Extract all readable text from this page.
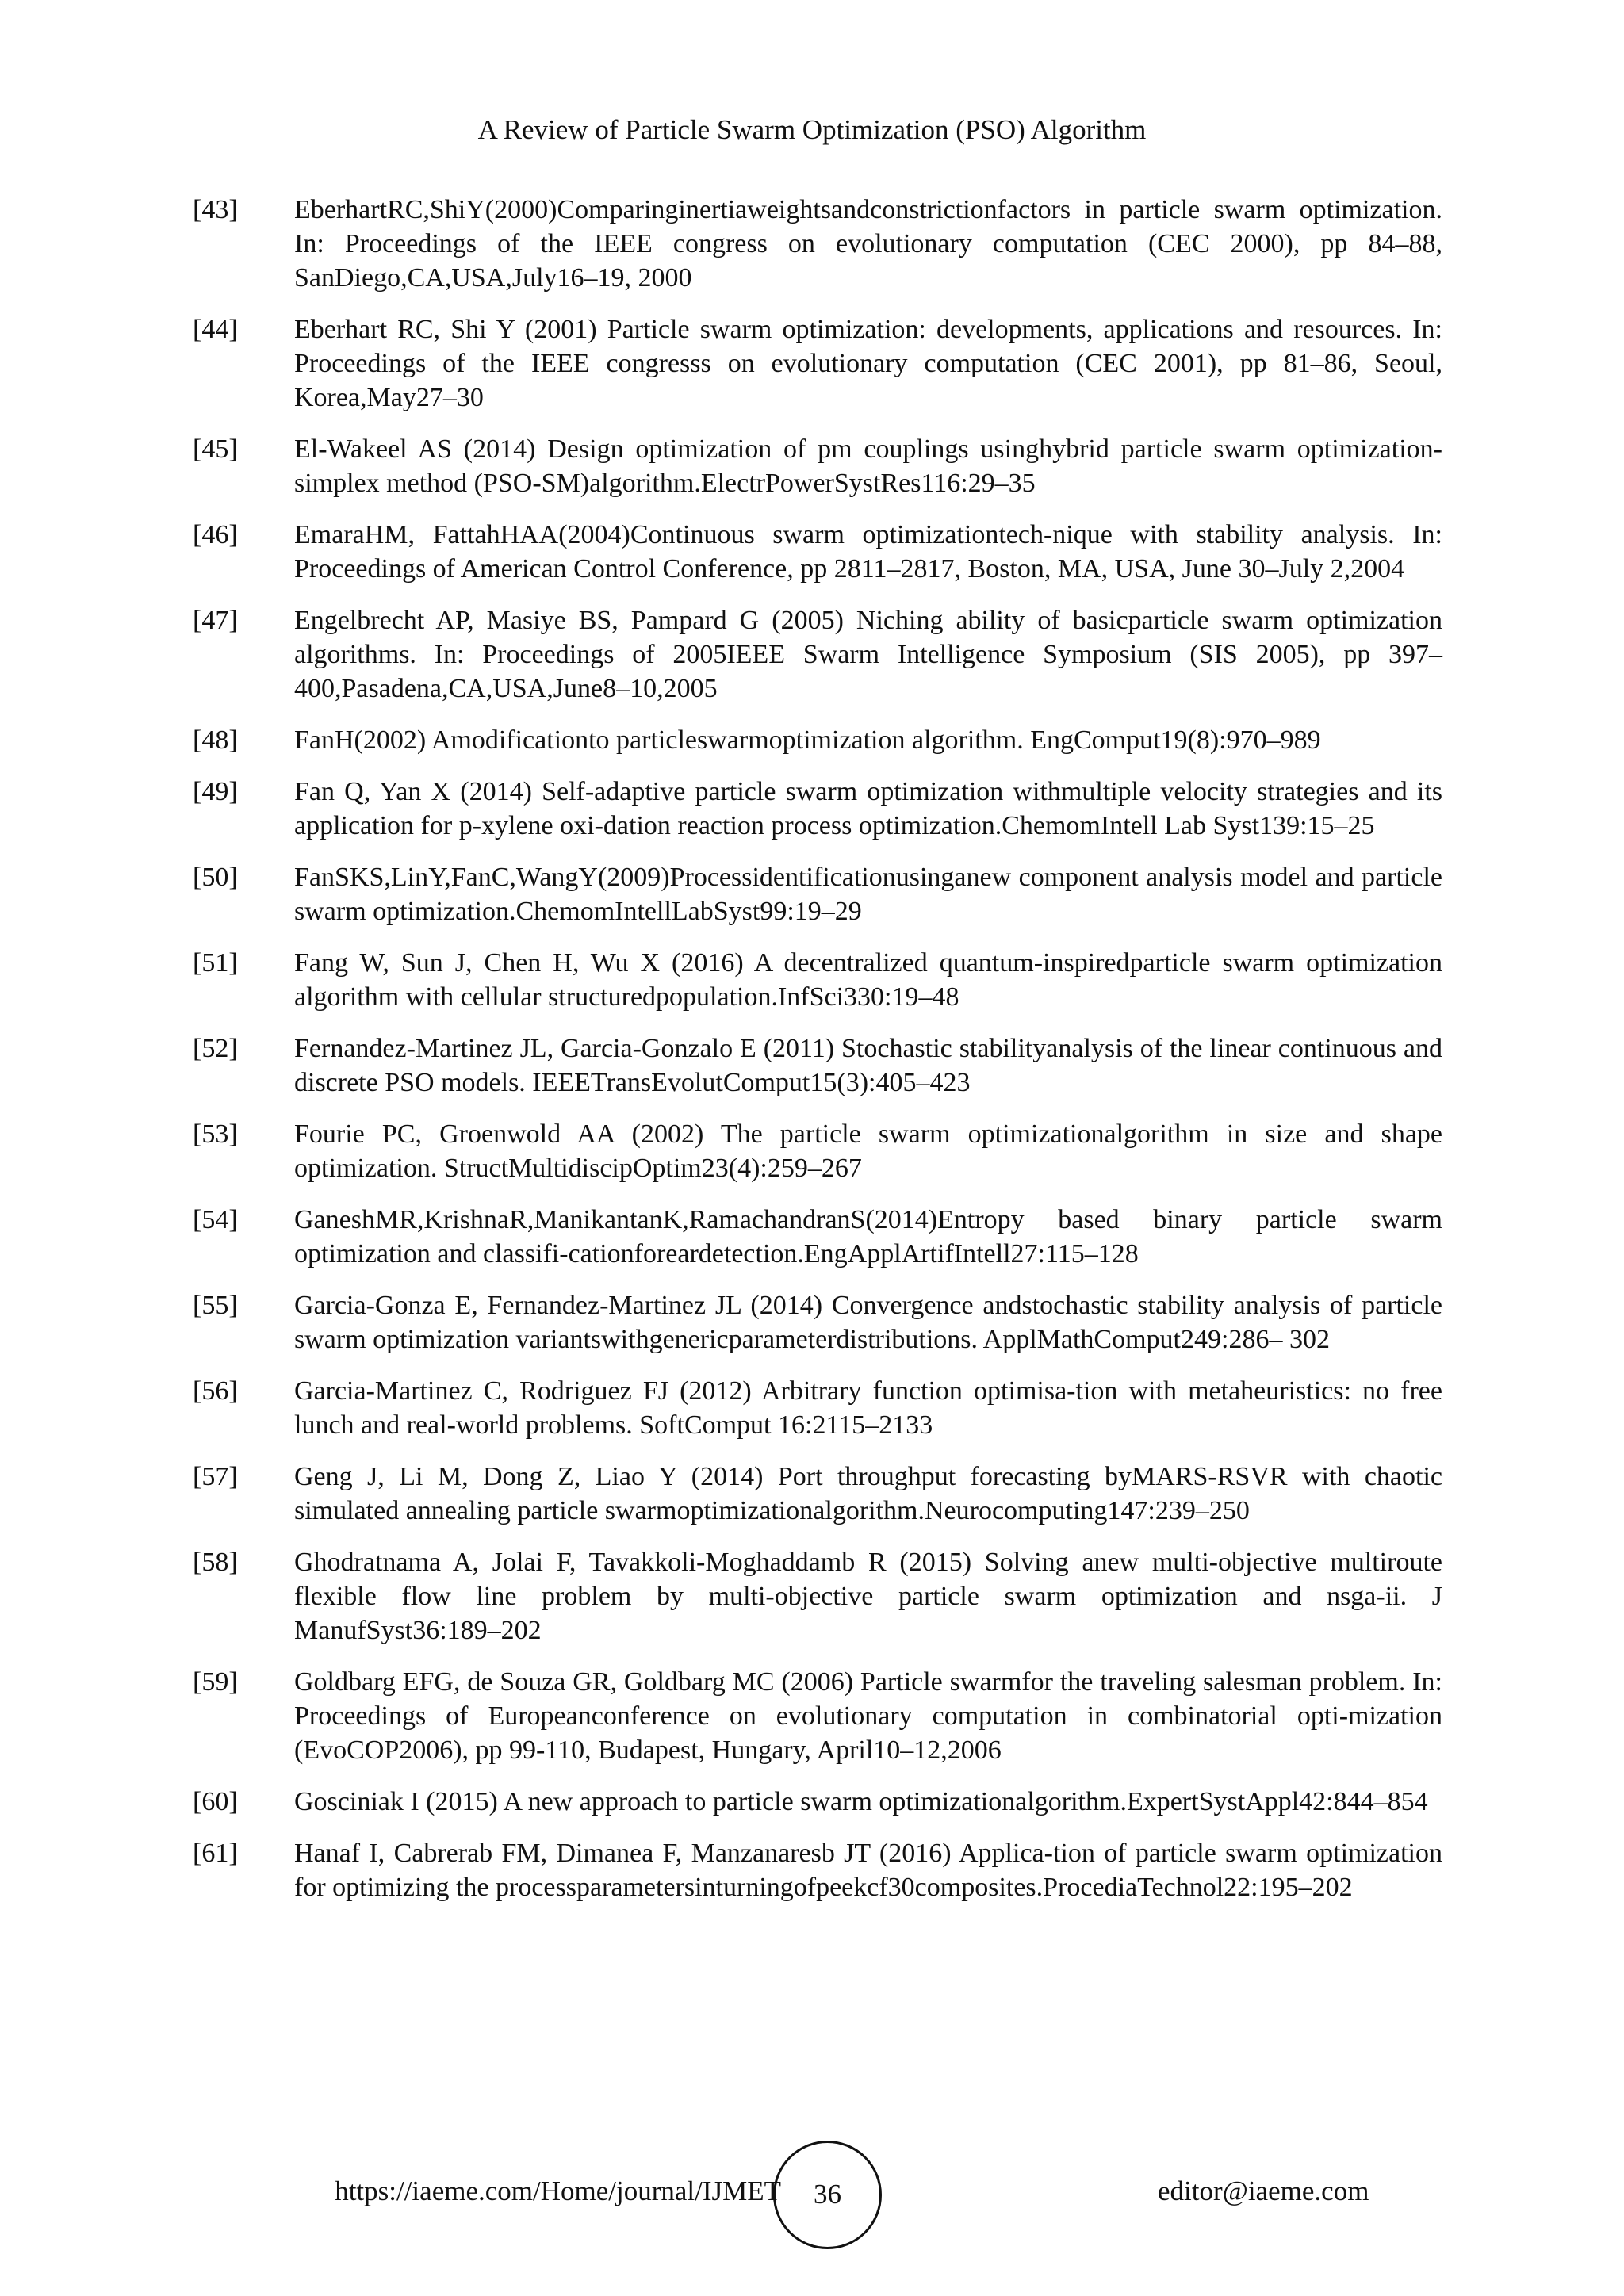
A Review of Particle Swarm Optimization (PSO) Algorithm
[43]	EberhartRC,ShiY(2000)Comparinginertiaweightsandconstrictionfactors in particle swarm optimization. In: Proceedings of the IEEE congress on evolutionary computation (CEC 2000), pp 84–88, SanDiego,CA,USA,July16–19, 2000
[44]	Eberhart RC, Shi Y (2001) Particle swarm optimization: developments, applications and resources. In: Proceedings of the IEEE congresss on evolutionary computation (CEC 2001), pp 81–86, Seoul, Korea,May27–30
[45]	El-Wakeel AS (2014) Design optimization of pm couplings usinghybrid particle swarm optimization-simplex method (PSO-SM)algorithm.ElectrPowerSystRes116:29–35
[46]	EmaraHM, FattahHAA(2004)Continuous swarm optimizationtech-nique with stability analysis. In: Proceedings of American Control Conference, pp 2811–2817, Boston, MA, USA, June 30–July 2,2004
[47]	Engelbrecht AP, Masiye BS, Pampard G (2005) Niching ability of basicparticle swarm optimization algorithms. In: Proceedings of 2005IEEE Swarm Intelligence Symposium (SIS 2005), pp 397–400,Pasadena,CA,USA,June8–10,2005
[48]	FanH(2002) Amodificationto particleswarmoptimization algorithm. EngComput19(8):970–989
[49]	Fan Q, Yan X (2014) Self-adaptive particle swarm optimization withmultiple velocity strategies and its application for p-xylene oxi-dation reaction process optimization.ChemomIntell Lab Syst139:15–25
[50]	FanSKS,LinY,FanC,WangY(2009)Processidentificationusinganew component analysis model and particle swarm optimization.ChemomIntellLabSyst99:19–29
[51]	Fang W, Sun J, Chen H, Wu X (2016) A decentralized quantum-inspiredparticle swarm optimization algorithm with cellular structuredpopulation.InfSci330:19–48
[52]	Fernandez-Martinez JL, Garcia-Gonzalo E (2011) Stochastic stabilityanalysis of the linear continuous and discrete PSO models. IEEETransEvolutComput15(3):405–423
[53]	Fourie PC, Groenwold AA (2002) The particle swarm optimizationalgorithm in size and shape optimization. StructMultidiscipOptim23(4):259–267
[54]	GaneshMR,KrishnaR,ManikantanK,RamachandranS(2014)Entropy based binary particle swarm optimization and classifi-cationforeardetection.EngApplArtifIntell27:115–128
[55]	Garcia-Gonza E, Fernandez-Martinez JL (2014) Convergence andstochastic stability analysis of particle swarm optimization variantswithgenericparameterdistributions. ApplMathComput249:286– 302
[56]	Garcia-Martinez C, Rodriguez FJ (2012) Arbitrary function optimisa-tion with metaheuristics: no free lunch and real-world problems. SoftComput 16:2115–2133
[57]	Geng J, Li M, Dong Z, Liao Y (2014) Port throughput forecasting byMARS-RSVR with chaotic simulated annealing particle swarmoptimizationalgorithm.Neurocomputing147:239–250
[58]	Ghodratnama A, Jolai F, Tavakkoli-Moghaddamb R (2015) Solving anew multi-objective multiroute flexible flow line problem by multi-objective particle swarm optimization and nsga-ii. J ManufSyst36:189–202
[59]	Goldbarg EFG, de Souza GR, Goldbarg MC (2006) Particle swarmfor the traveling salesman problem. In: Proceedings of Europeanconference on evolutionary computation in combinatorial opti-mization (EvoCOP2006), pp 99-110, Budapest, Hungary, April10–12,2006
[60]	Gosciniak I (2015) A new approach to particle swarm optimizationalgorithm.ExpertSystAppl42:844–854
[61]	Hanaf I, Cabrerab FM, Dimanea F, Manzanaresb JT (2016) Applica-tion of particle swarm optimization for optimizing the processparametersinturningofpeekcf30composites.ProcediaTechnol22:195–202
https://iaeme.com/Home/journal/IJMET	36	editor@iaeme.com
